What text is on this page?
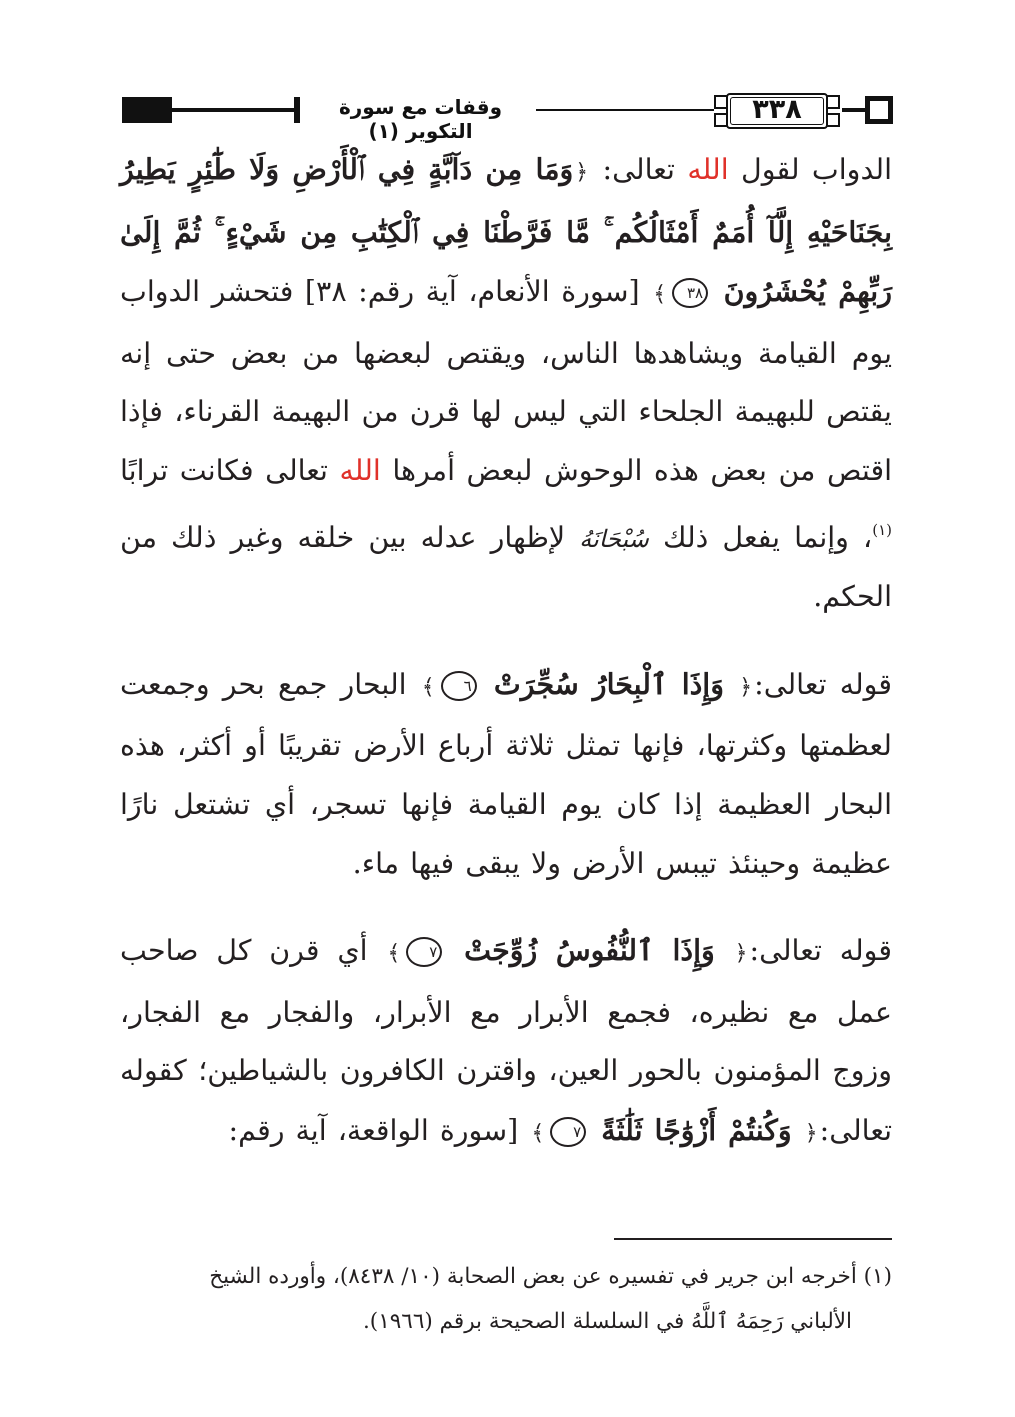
٣٣٨
وقفات مع سورة التكوير (١)

الدواب لقول الله تعالى: ﴿وَمَا مِن دَآبَّةٍ فِي ٱلْأَرْضِ وَلَا طَٰٓئِرٍ يَطِيرُ بِجَنَاحَيْهِ إِلَّآ أُمَمٌ أَمْثَالُكُم ۚ مَّا فَرَّطْنَا فِي ٱلْكِتَٰبِ مِن شَيْءٍ ۚ ثُمَّ إِلَىٰ رَبِّهِمْ يُحْشَرُونَ ٣٨﴾ [سورة الأنعام، آية رقم: ٣٨] فتحشر الدواب يوم القيامة ويشاهدها الناس، ويقتص لبعضها من بعض حتى إنه يقتص للبهيمة الجلحاء التي ليس لها قرن من البهيمة القرناء، فإذا اقتص من بعض هذه الوحوش لبعض أمرها الله تعالى فكانت ترابًا $^{(١)}$، وإنما يفعل ذلك سُبْحَانَهُ لإظهار عدله بين خلقه وغير ذلك من الحكم.

قوله تعالى:﴿ وَإِذَا ٱلْبِحَارُ سُجِّرَتْ ٦﴾ البحار جمع بحر وجمعت لعظمتها وكثرتها، فإنها تمثل ثلاثة أرباع الأرض تقريبًا أو أكثر، هذه البحار العظيمة إذا كان يوم القيامة فإنها تسجر، أي تشتعل نارًا عظيمة وحينئذ تيبس الأرض ولا يبقى فيها ماء.

قوله تعالى:﴿ وَإِذَا ٱلنُّفُوسُ زُوِّجَتْ ٧﴾ أي قرن كل صاحب عمل مع نظيره، فجمع الأبرار مع الأبرار، والفجار مع الفجار، وزوج المؤمنون بالحور العين، واقترن الكافرون بالشياطين؛ كقوله تعالى:﴿ وَكُنتُمْ أَزْوَٰجًا ثَلَٰثَةً ٧﴾ [سورة الواقعة، آية رقم:

(١) أخرجه ابن جرير في تفسيره عن بعض الصحابة (١٠/ ٨٤٣٨)، وأورده الشيخ

الألباني رَحِمَهُ ٱللَّهُ في السلسلة الصحيحة برقم (١٩٦٦).
